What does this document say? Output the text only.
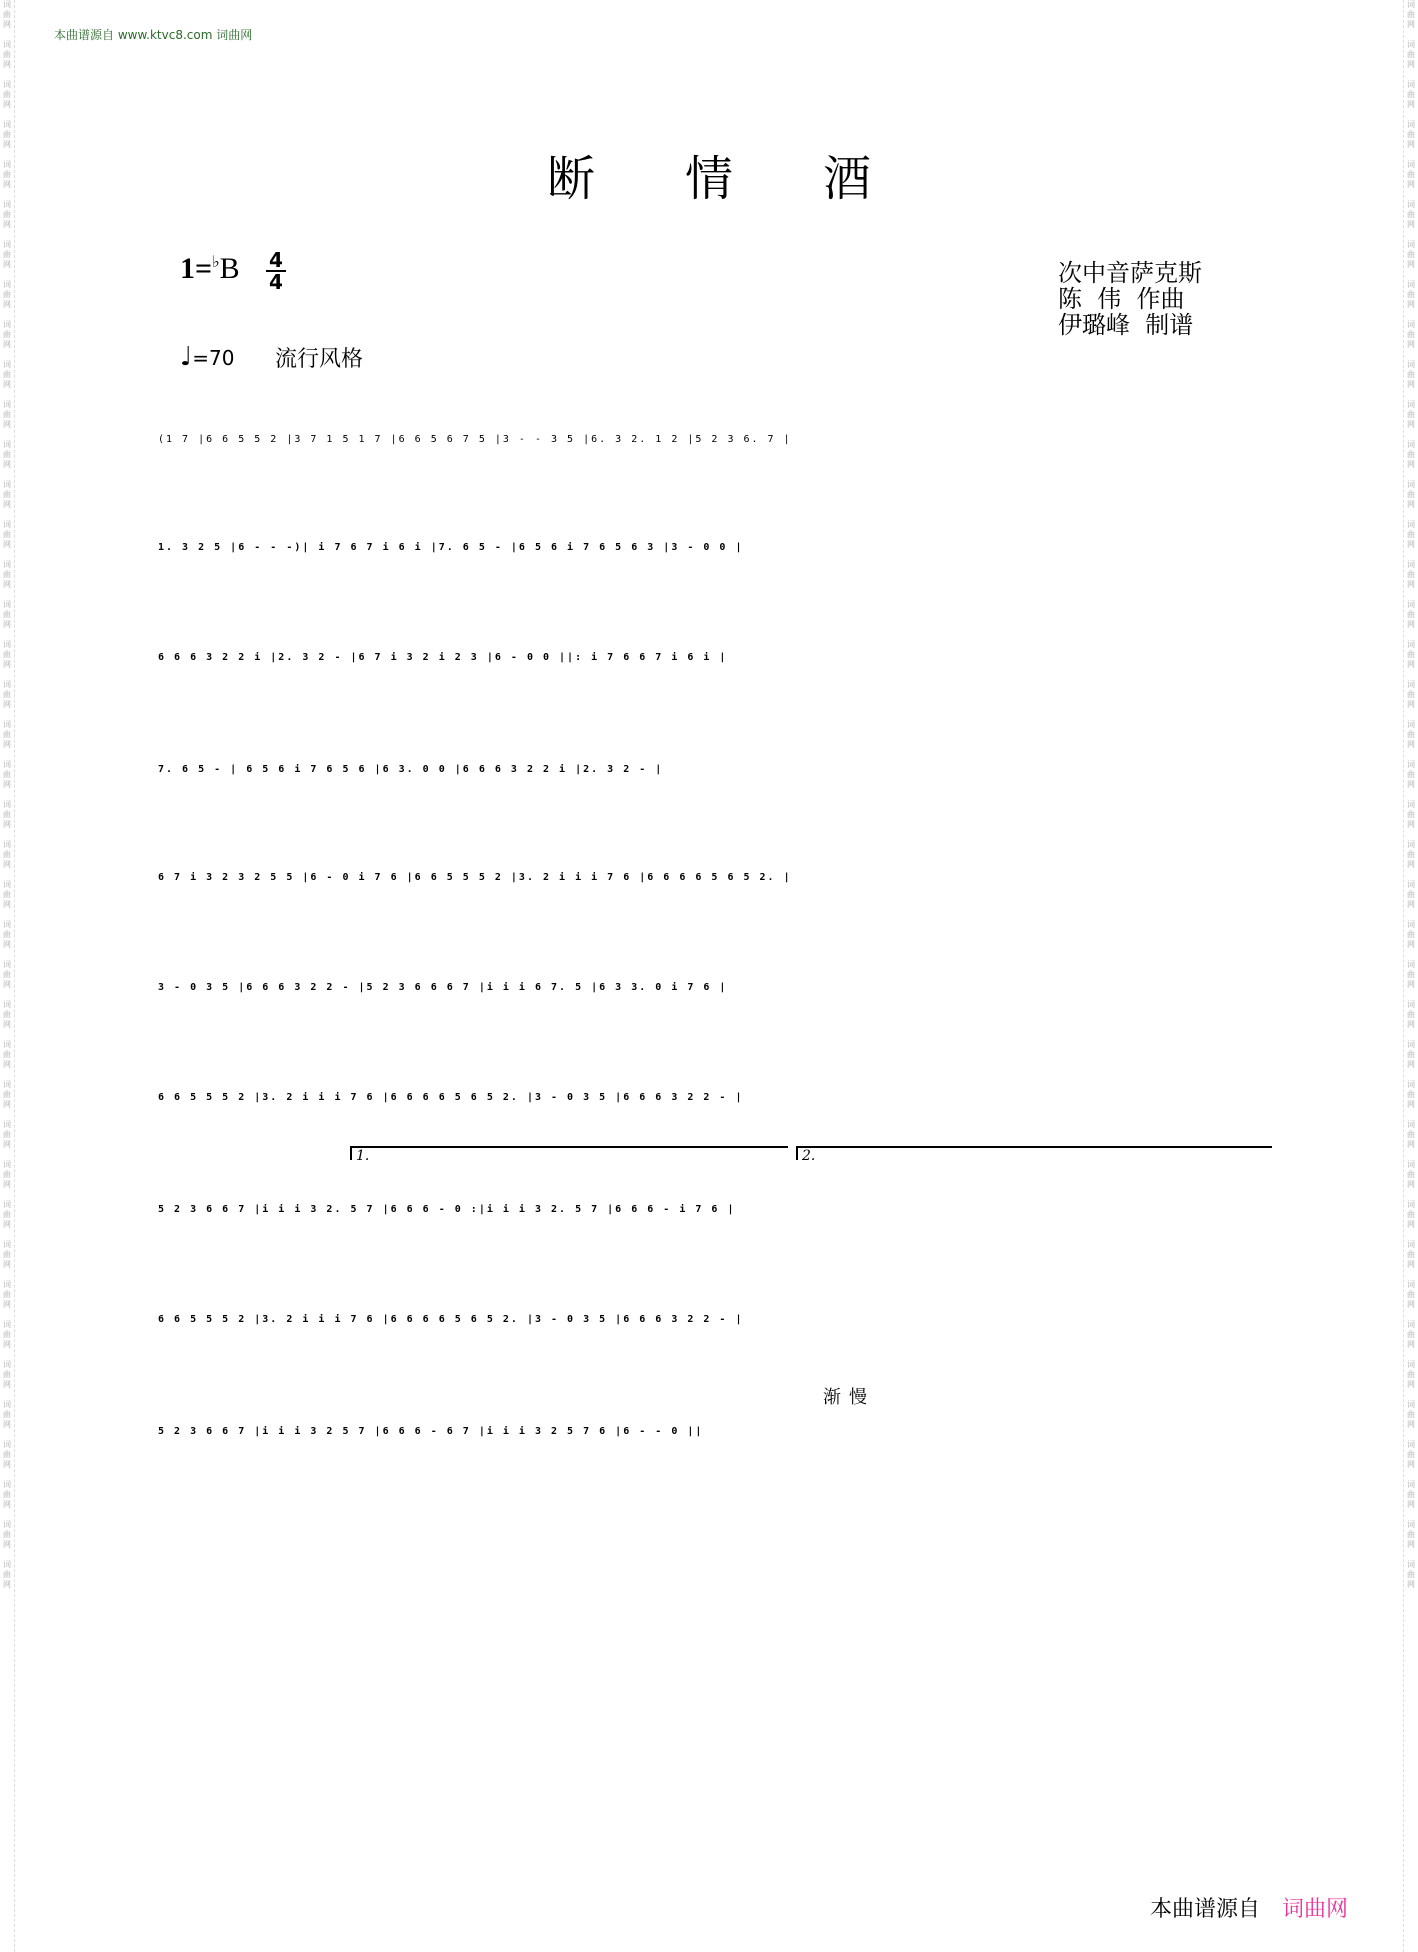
词曲网
词曲网
词曲网
词曲网
词曲网
词曲网
词曲网
词曲网
词曲网
词曲网
词曲网
词曲网
词曲网
词曲网
词曲网
词曲网
词曲网
词曲网
词曲网
词曲网
词曲网
词曲网
词曲网
词曲网
词曲网
词曲网
词曲网
词曲网
词曲网
词曲网
词曲网
词曲网
词曲网
词曲网
词曲网
词曲网
词曲网
词曲网
词曲网
词曲网
词曲网
词曲网
词曲网
词曲网
词曲网
词曲网
词曲网
词曲网
词曲网
词曲网
词曲网
词曲网
词曲网
词曲网
词曲网
词曲网
词曲网
词曲网
词曲网
词曲网
词曲网
词曲网
词曲网
词曲网
词曲网
词曲网
词曲网
词曲网
词曲网
词曲网
词曲网
词曲网
词曲网
词曲网
词曲网
词曲网
词曲网
词曲网
词曲网
词曲网
本曲谱源自 www.ktvc8.com 词曲网
断情酒
$1=^♭B \frac{4}{4}$	次中音萨克斯
陈  伟  作曲
伊璐峰  制谱
♩=70 流行风格
(1 7 |6 6 5 5 2 |3 7 1 5 1 7 |6 6 5 6 7 5 |3 - - 3 5 |6. 3 2. 1 2 |5 2 3 6. 7 |
1. 3 2 5 |6 - - -)| i 7 6 7 i 6 i |7. 6 5 - |6 5 6 i 7 6 5 6 3 |3 - 0 0 |
6 6 6 3 2 2 i |2. 3 2 - |6 7 i 3 2 i 2 3 |6 - 0 0 ||: i 7 6 6 7 i 6 i |
7. 6 5 - | 6 5 6 i 7 6 5 6 |6 3. 0 0 |6 6 6 3 2 2 i |2. 3 2 - |
6 7 i 3 2 3 2 5 5 |6 - 0 i 7 6 |6 6 5 5 5 2 |3. 2 i i i 7 6 |6 6 6 6 5 6 5 2. |
3 - 0 3 5 |6 6 6 3 2 2 - |5 2 3 6 6 6 7 |i i i 6 7. 5 |6 3 3. 0 i 7 6 |
6 6 5 5 5 2 |3. 2 i i i 7 6 |6 6 6 6 5 6 5 2. |3 - 0 3 5 |6 6 6 3 2 2 - |
5 2 3 6 6 7 |i i i 3 2. 5 7 |6 6 6 - 0 :|i i i 3 2. 5 7 |6 6 6 - i 7 6 |
6 6 5 5 5 2 |3. 2 i i i 7 6 |6 6 6 6 5 6 5 2. |3 - 0 3 5 |6 6 6 3 2 2 - |
5 2 3 6 6 7 |i i i 3 2 5 7 |6 6 6 - 6 7 |i i i 3 2 5 7 6 |6 - - 0 ||
1.	2.
渐慢
本曲谱源自 词曲网
